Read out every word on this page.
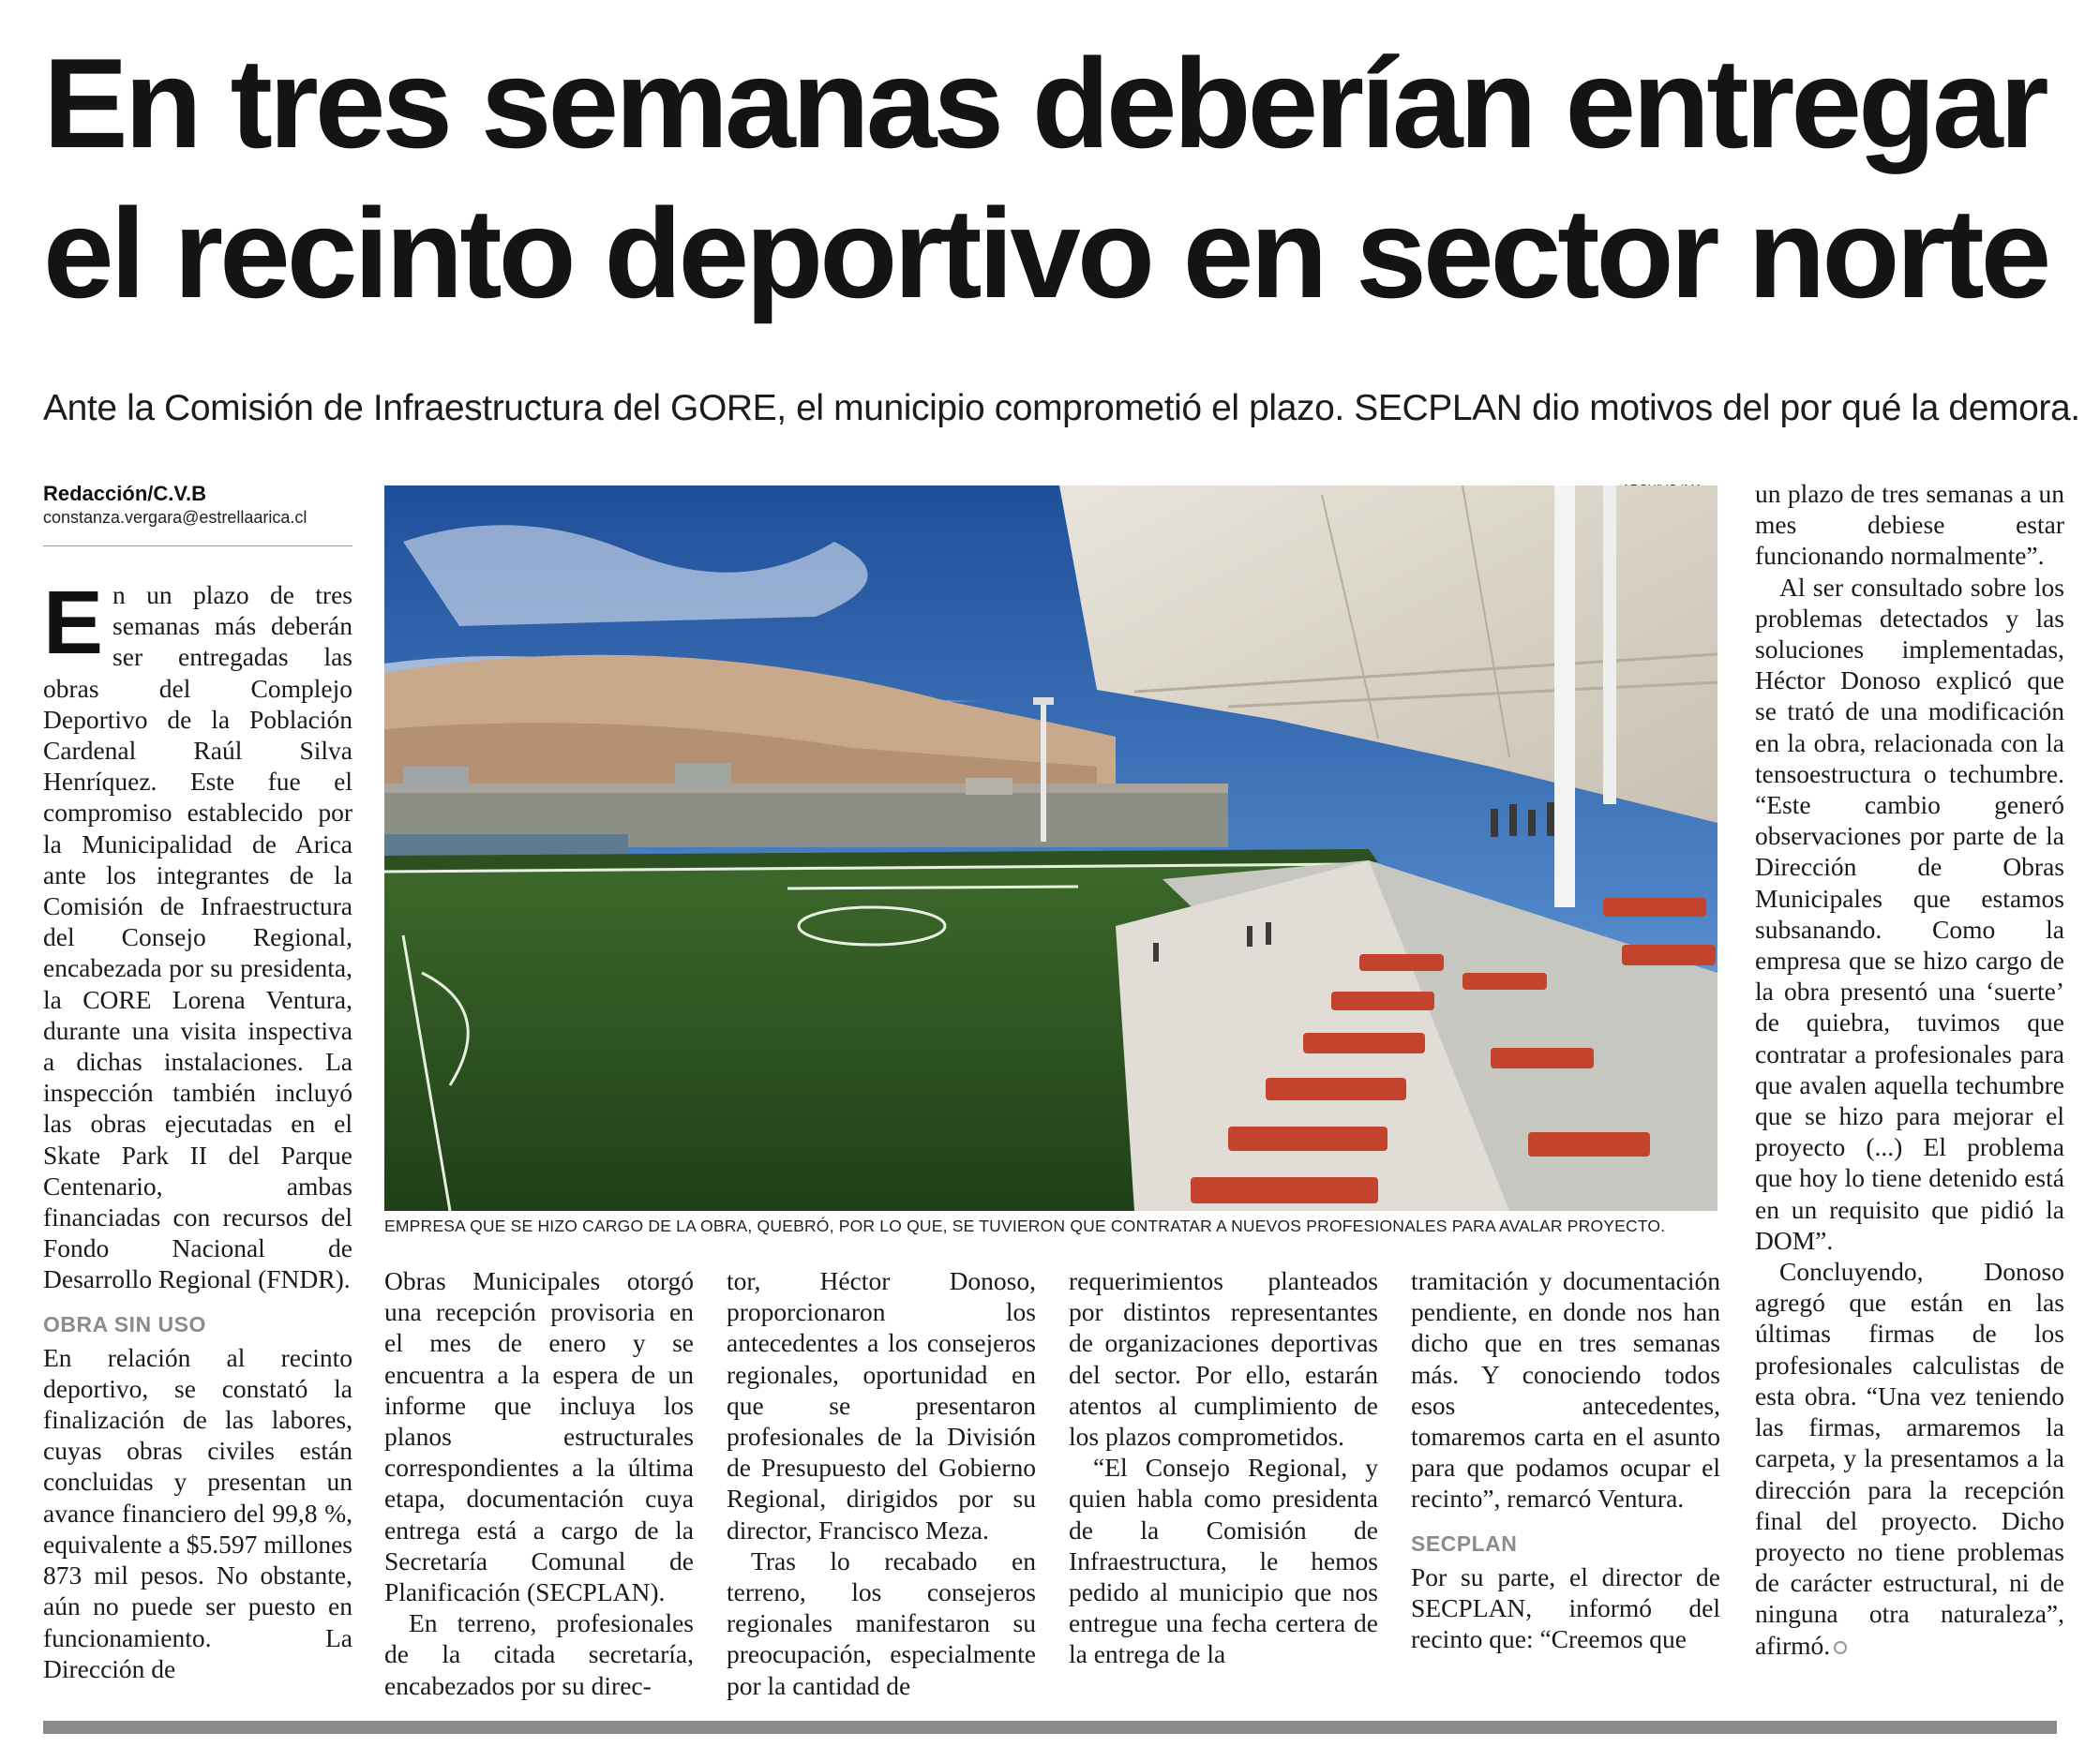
En tres semanas deberían entregar
el recinto deportivo en sector norte
Ante la Comisión de Infraestructura del GORE, el municipio comprometió el plazo. SECPLAN dio motivos del por qué la demora.
Redacción/C.V.B
constanza.vergara@estrellaarica.cl

En un plazo de tres semanas más deberán ser entregadas las obras del Complejo Deportivo de la Población Cardenal Raúl Silva Henríquez. Este fue el compromiso establecido por la Municipalidad de Arica ante los integrantes de la Comisión de Infraestructura del Consejo Regional, encabezada por su presidenta, la CORE Lorena Ventura, durante una visita inspectiva a dichas instalaciones. La inspección también incluyó las obras ejecutadas en el Skate Park II del Parque Centenario, ambas financiadas con recursos del Fondo Nacional de Desarrollo Regional (FNDR).

OBRA SIN USO

En relación al recinto deportivo, se constató la finalización de las labores, cuyas obras civiles están concluidas y presentan un avance financiero del 99,8 %, equivalente a $5.597 millones 873 mil pesos. No obstante, aún no puede ser puesto en funcionamiento. La Dirección de

EMPRESA QUE SE HIZO CARGO DE LA OBRA, QUEBRÓ, POR LO QUE, SE TUVIERON QUE CONTRATAR A NUEVOS PROFESIONALES PARA AVALAR PROYECTO.

Obras Municipales otorgó una recepción provisoria en el mes de enero y se encuentra a la espera de un informe que incluya los planos estructurales correspondientes a la última etapa, documentación cuya entrega está a cargo de la Secretaría Comunal de Planificación (SECPLAN).

En terreno, profesionales de la citada secretaría, encabezados por su direc-

tor, Héctor Donoso, proporcionaron los antecedentes a los consejeros regionales, oportunidad en que se presentaron profesionales de la División de Presupuesto del Gobierno Regional, dirigidos por su director, Francisco Meza.

Tras lo recabado en terreno, los consejeros regionales manifestaron su preocupación, especialmente por la cantidad de

requerimientos planteados por distintos representantes de organizaciones deportivas del sector. Por ello, estarán atentos al cumplimiento de los plazos comprometidos.

“El Consejo Regional, y quien habla como presidenta de la Comisión de Infraestructura, le hemos pedido al municipio que nos entregue una fecha certera de la entrega de la

tramitación y documentación pendiente, en donde nos han dicho que en tres semanas más. Y conociendo todos esos antecedentes, tomaremos carta en el asunto para que podamos ocupar el recinto”, remarcó Ventura.

SECPLAN

Por su parte, el director de SECPLAN, informó del recinto que: “Creemos que

un plazo de tres semanas a un mes debiese estar funcionando normalmente”.

Al ser consultado sobre los problemas detectados y las soluciones implementadas, Héctor Donoso explicó que se trató de una modificación en la obra, relacionada con la tensoestructura o techumbre. “Este cambio generó observaciones por parte de la Dirección de Obras Municipales que estamos subsanando. Como la empresa que se hizo cargo de la obra presentó una ‘suerte’ de quiebra, tuvimos que contratar a profesionales para que avalen aquella techumbre que se hizo para mejorar el proyecto (...) El problema que hoy lo tiene detenido está en un requisito que pidió la DOM”.

Concluyendo, Donoso agregó que están en las últimas firmas de los profesionales calculistas de esta obra. “Una vez teniendo las firmas, armaremos la carpeta, y la presentamos a la dirección para la recepción final del proyecto. Dicho proyecto no tiene problemas de carácter estructural, ni de ninguna otra naturaleza”, afirmó.
